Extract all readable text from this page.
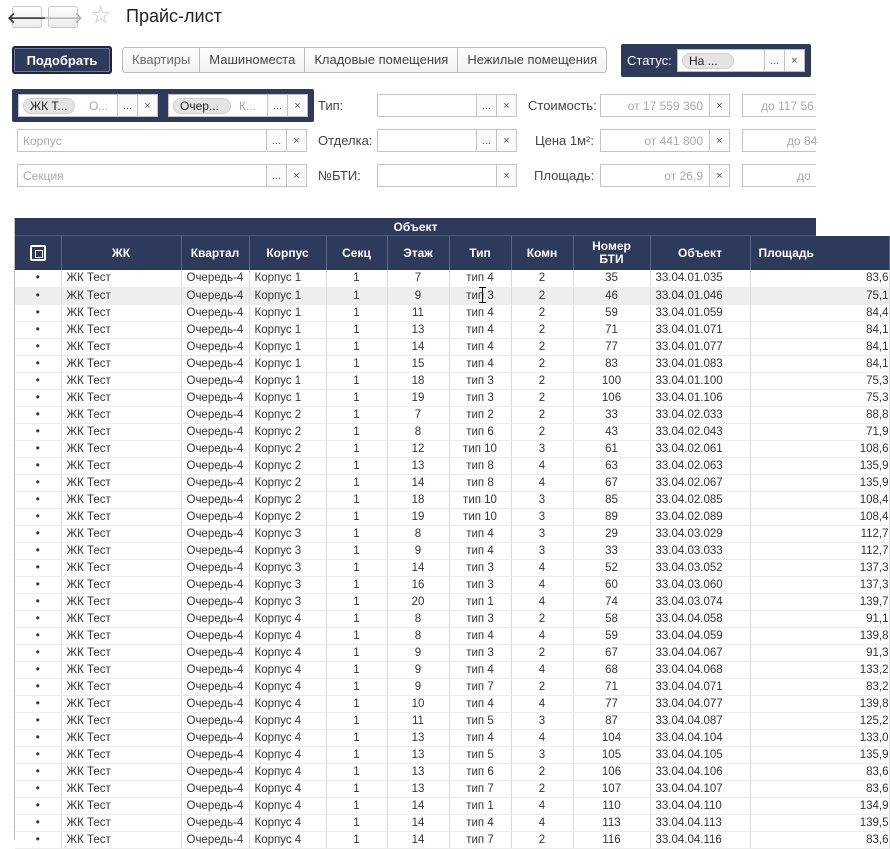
🡐
🡒 ☆ Прайс-лист
Подобрать	Квартиры	Машиноместа	Кладовые помещения	Нежилые помещения	Статус:	На ...	...	×
ЖК Т...	О...	...	×	Очер...	К...	...	×
Корпус	...	×
Секция	...	×
Тип:	...	×
Отделка:	...	×
№БТИ:	×
Стоимость:	от 17 559 360	×	до 117 56
Цена 1м²:	от 441 800	×	до 84
Площадь:	от 26,9	×	до
Объект
	ЖК	Квартал	Корпус	Секц	Этаж	Тип	Комн	Номер
БТИ	Объект	Площадь
•	ЖК Тест	Очередь-4	Корпус 1	1	7	тип 4	2	35	33.04.01.035	83,6
•	ЖК Тест	Очередь-4	Корпус 1	1	9	тип 3	2	46	33.04.01.046	75,1
•	ЖК Тест	Очередь-4	Корпус 1	1	11	тип 4	2	59	33.04.01.059	84,4
•	ЖК Тест	Очередь-4	Корпус 1	1	13	тип 4	2	71	33.04.01.071	84,1
•	ЖК Тест	Очередь-4	Корпус 1	1	14	тип 4	2	77	33.04.01.077	84,1
•	ЖК Тест	Очередь-4	Корпус 1	1	15	тип 4	2	83	33.04.01.083	84,1
•	ЖК Тест	Очередь-4	Корпус 1	1	18	тип 3	2	100	33.04.01.100	75,3
•	ЖК Тест	Очередь-4	Корпус 1	1	19	тип 3	2	106	33.04.01.106	75,3
•	ЖК Тест	Очередь-4	Корпус 2	1	7	тип 2	2	33	33.04.02.033	88,8
•	ЖК Тест	Очередь-4	Корпус 2	1	8	тип 6	2	43	33.04.02.043	71,9
•	ЖК Тест	Очередь-4	Корпус 2	1	12	тип 10	3	61	33.04.02.061	108,6
•	ЖК Тест	Очередь-4	Корпус 2	1	13	тип 8	4	63	33.04.02.063	135,9
•	ЖК Тест	Очередь-4	Корпус 2	1	14	тип 8	4	67	33.04.02.067	135,9
•	ЖК Тест	Очередь-4	Корпус 2	1	18	тип 10	3	85	33.04.02.085	108,4
•	ЖК Тест	Очередь-4	Корпус 2	1	19	тип 10	3	89	33.04.02.089	108,4
•	ЖК Тест	Очередь-4	Корпус 3	1	8	тип 4	3	29	33.04.03.029	112,7
•	ЖК Тест	Очередь-4	Корпус 3	1	9	тип 4	3	33	33.04.03.033	112,7
•	ЖК Тест	Очередь-4	Корпус 3	1	14	тип 3	4	52	33.04.03.052	137,3
•	ЖК Тест	Очередь-4	Корпус 3	1	16	тип 3	4	60	33.04.03.060	137,3
•	ЖК Тест	Очередь-4	Корпус 3	1	20	тип 1	4	74	33.04.03.074	139,7
•	ЖК Тест	Очередь-4	Корпус 4	1	8	тип 3	2	58	33.04.04.058	91,1
•	ЖК Тест	Очередь-4	Корпус 4	1	8	тип 4	4	59	33.04.04.059	139,8
•	ЖК Тест	Очередь-4	Корпус 4	1	9	тип 3	2	67	33.04.04.067	91,3
•	ЖК Тест	Очередь-4	Корпус 4	1	9	тип 4	4	68	33.04.04.068	133,2
•	ЖК Тест	Очередь-4	Корпус 4	1	9	тип 7	2	71	33.04.04.071	83,2
•	ЖК Тест	Очередь-4	Корпус 4	1	10	тип 4	4	77	33.04.04.077	139,8
•	ЖК Тест	Очередь-4	Корпус 4	1	11	тип 5	3	87	33.04.04.087	125,2
•	ЖК Тест	Очередь-4	Корпус 4	1	13	тип 4	4	104	33.04.04.104	133,0
•	ЖК Тест	Очередь-4	Корпус 4	1	13	тип 5	3	105	33.04.04.105	135,9
•	ЖК Тест	Очередь-4	Корпус 4	1	13	тип 6	2	106	33.04.04.106	83,6
•	ЖК Тест	Очередь-4	Корпус 4	1	13	тип 7	2	107	33.04.04.107	83,6
•	ЖК Тест	Очередь-4	Корпус 4	1	14	тип 1	4	110	33.04.04.110	134,9
•	ЖК Тест	Очередь-4	Корпус 4	1	14	тип 4	4	113	33.04.04.113	139,5
•	ЖК Тест	Очередь-4	Корпус 4	1	14	тип 7	2	116	33.04.04.116	83,6
